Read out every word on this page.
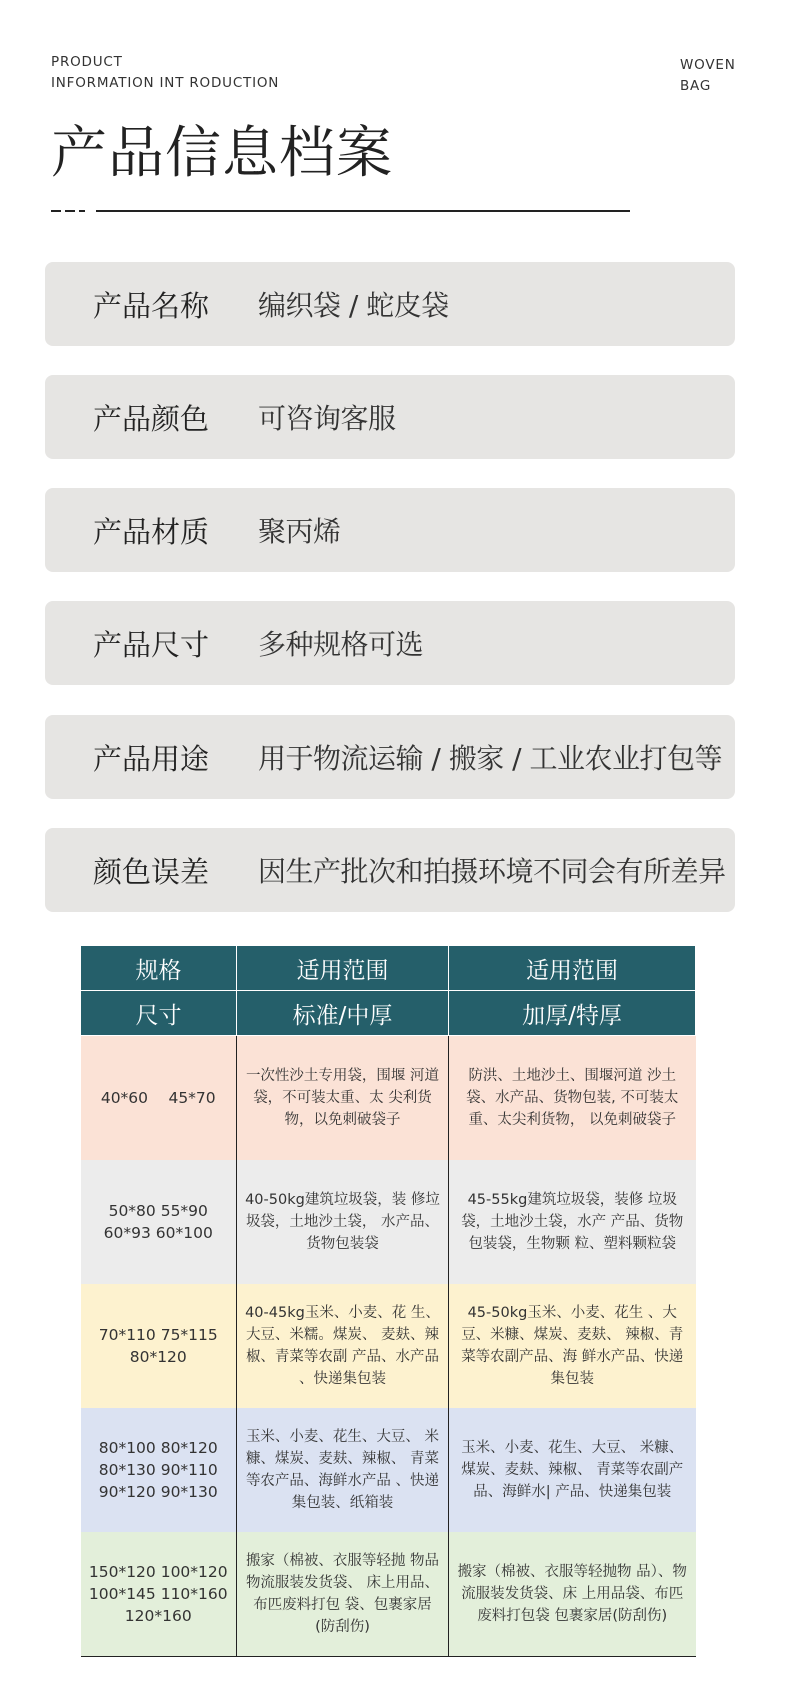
PRODUCT
INFORMATION INT RODUCTION
WOVEN
BAG
产品信息档案
产品名称	编织袋 / 蛇皮袋
产品颜色	可咨询客服
产品材质	聚丙烯
产品尺寸	多种规格可选
产品用途	用于物流运输 / 搬家 / 工业农业打包等
颜色误差	因生产批次和拍摄环境不同会有所差异
规格	适用范围	适用范围
尺寸	标准/中厚	加厚/特厚
40*60　 45*70	一次性沙土专用袋，围堰 河道袋，不可装太重、太 尖利货物，以免刺破袋子	防洪、土地沙土、围堰河道 沙土袋、水产品、货物包装, 不可装太重、太尖利货物， 以免刺破袋子
50*80 55*90 60*93 60*100	40-50kg建筑垃圾袋，装 修垃圾袋，土地沙土袋， 水产品、货物包装袋	45-55kg建筑垃圾袋，装修 垃圾袋，土地沙土袋，水产 产品、货物包装袋，生物颗 粒、塑料颗粒袋
70*110 75*115 80*120	40-45kg玉米、小麦、花 生、大豆、米糯。煤炭、 麦麸、辣椒、青菜等农副 产品、水产品 、快递集包装	45-50kg玉米、小麦、花生 、大豆、米糠、煤炭、麦麸、 辣椒、青菜等农副产品、海 鲜水产品、快递集包装
80*100 80*120 80*130 90*110 90*120 90*130	玉米、小麦、花生、大豆、 米糠、煤炭、麦麸、辣椒、 青菜等农产品、海鲜水产品 、快递集包装、纸箱装	玉米、小麦、花生、大豆、 米糠、煤炭、麦麸、辣椒、 青菜等农副产品、海鲜水| 产品、快递集包装
150*120 100*120 100*145 110*160 120*160	搬家（棉被、衣服等轻抛 物品物流服装发货袋、 床上用品、布匹废料打包 袋、包裹家居(防刮伤)	搬家（棉被、衣服等轻抛物 品）、物流服装发货袋、床 上用品袋、布匹废料打包袋 包裹家居(防刮伤)
